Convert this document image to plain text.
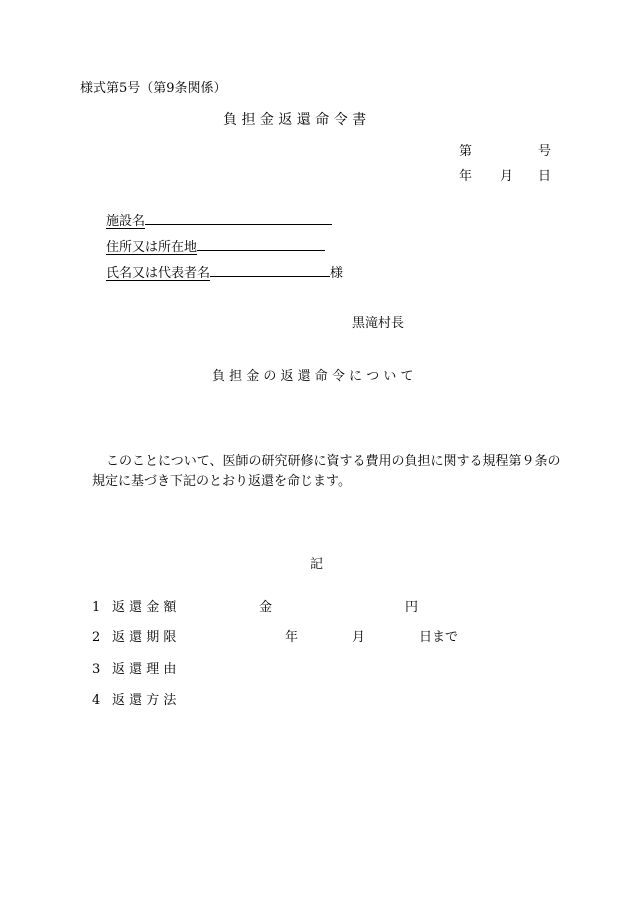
様式第5号（第9条関係）
負 担 金 返 還 命 令 書
第	号
年 月 日
施設名
住所又は所在地
氏名又は代表者名	様
黒滝村長
負 担 金 の 返 還 命 令 に つ い て
このことについて、医師の研究研修に資する費用の負担に関する規程第９条の
規定に基づき下記のとおり返還を命じます。
記
1 返 還 金 額	金	円
2 返 還 期 限	年	月	日まで
3 返 還 理 由
4 返 還 方 法
